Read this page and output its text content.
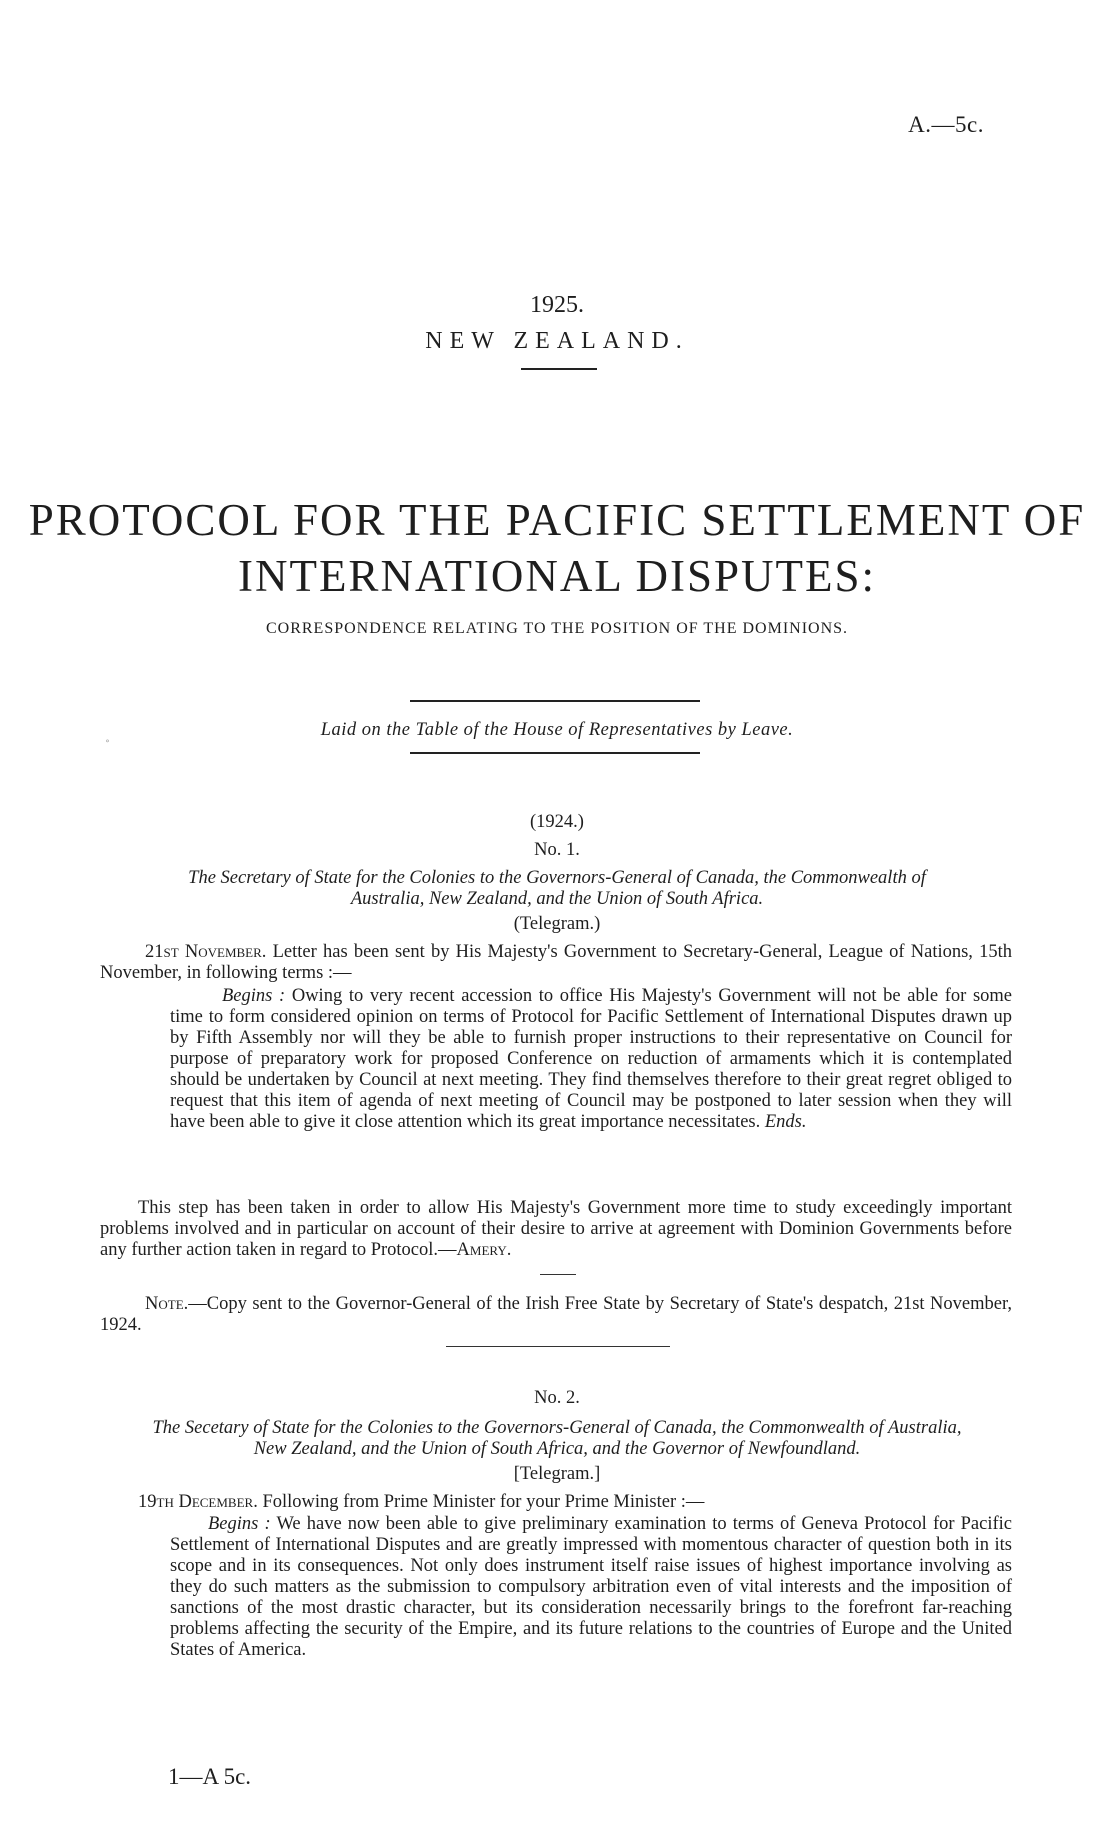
A.—5c.
1925.
NEW ZEALAND.
PROTOCOL FOR THE PACIFIC SETTLEMENT OF
INTERNATIONAL DISPUTES:
CORRESPONDENCE RELATING TO THE POSITION OF THE DOMINIONS.
Laid on the Table of the House of Representatives by Leave.
∘
(1924.)
No. 1.
The Secretary of State for the Colonies to the Governors-General of Canada, the Commonwealth of
Australia, New Zealand, and the Union of South Africa.
(Telegram.)
21st November. Letter has been sent by His Majesty's Government to Secretary-General, League of Nations, 15th November, in following terms :—
Begins : Owing to very recent accession to office His Majesty's Government will not be able for some time to form considered opinion on terms of Protocol for Pacific Settlement of International Disputes drawn up by Fifth Assembly nor will they be able to furnish proper instructions to their representative on Council for purpose of preparatory work for proposed Conference on reduction of armaments which it is contemplated should be undertaken by Council at next meeting. They find themselves therefore to their great regret obliged to request that this item of agenda of next meeting of Council may be postponed to later session when they will have been able to give it close attention which its great importance necessitates. Ends.
This step has been taken in order to allow His Majesty's Government more time to study exceedingly important problems involved and in particular on account of their desire to arrive at agreement with Dominion Governments before any further action taken in regard to Protocol.—Amery.
Note.—Copy sent to the Governor-General of the Irish Free State by Secretary of State's despatch, 21st November, 1924.
No. 2.
The Secetary of State for the Colonies to the Governors-General of Canada, the Commonwealth of Australia,
New Zealand, and the Union of South Africa, and the Governor of Newfoundland.
[Telegram.]
19th December. Following from Prime Minister for your Prime Minister :—
Begins : We have now been able to give preliminary examination to terms of Geneva Protocol for Pacific Settlement of International Disputes and are greatly impressed with momentous character of question both in its scope and in its consequences. Not only does instrument itself raise issues of highest importance involving as they do such matters as the submission to compulsory arbitration even of vital interests and the imposition of sanctions of the most drastic character, but its consideration necessarily brings to the forefront far-reaching problems affecting the security of the Empire, and its future relations to the countries of Europe and the United States of America.
1—A 5c.
